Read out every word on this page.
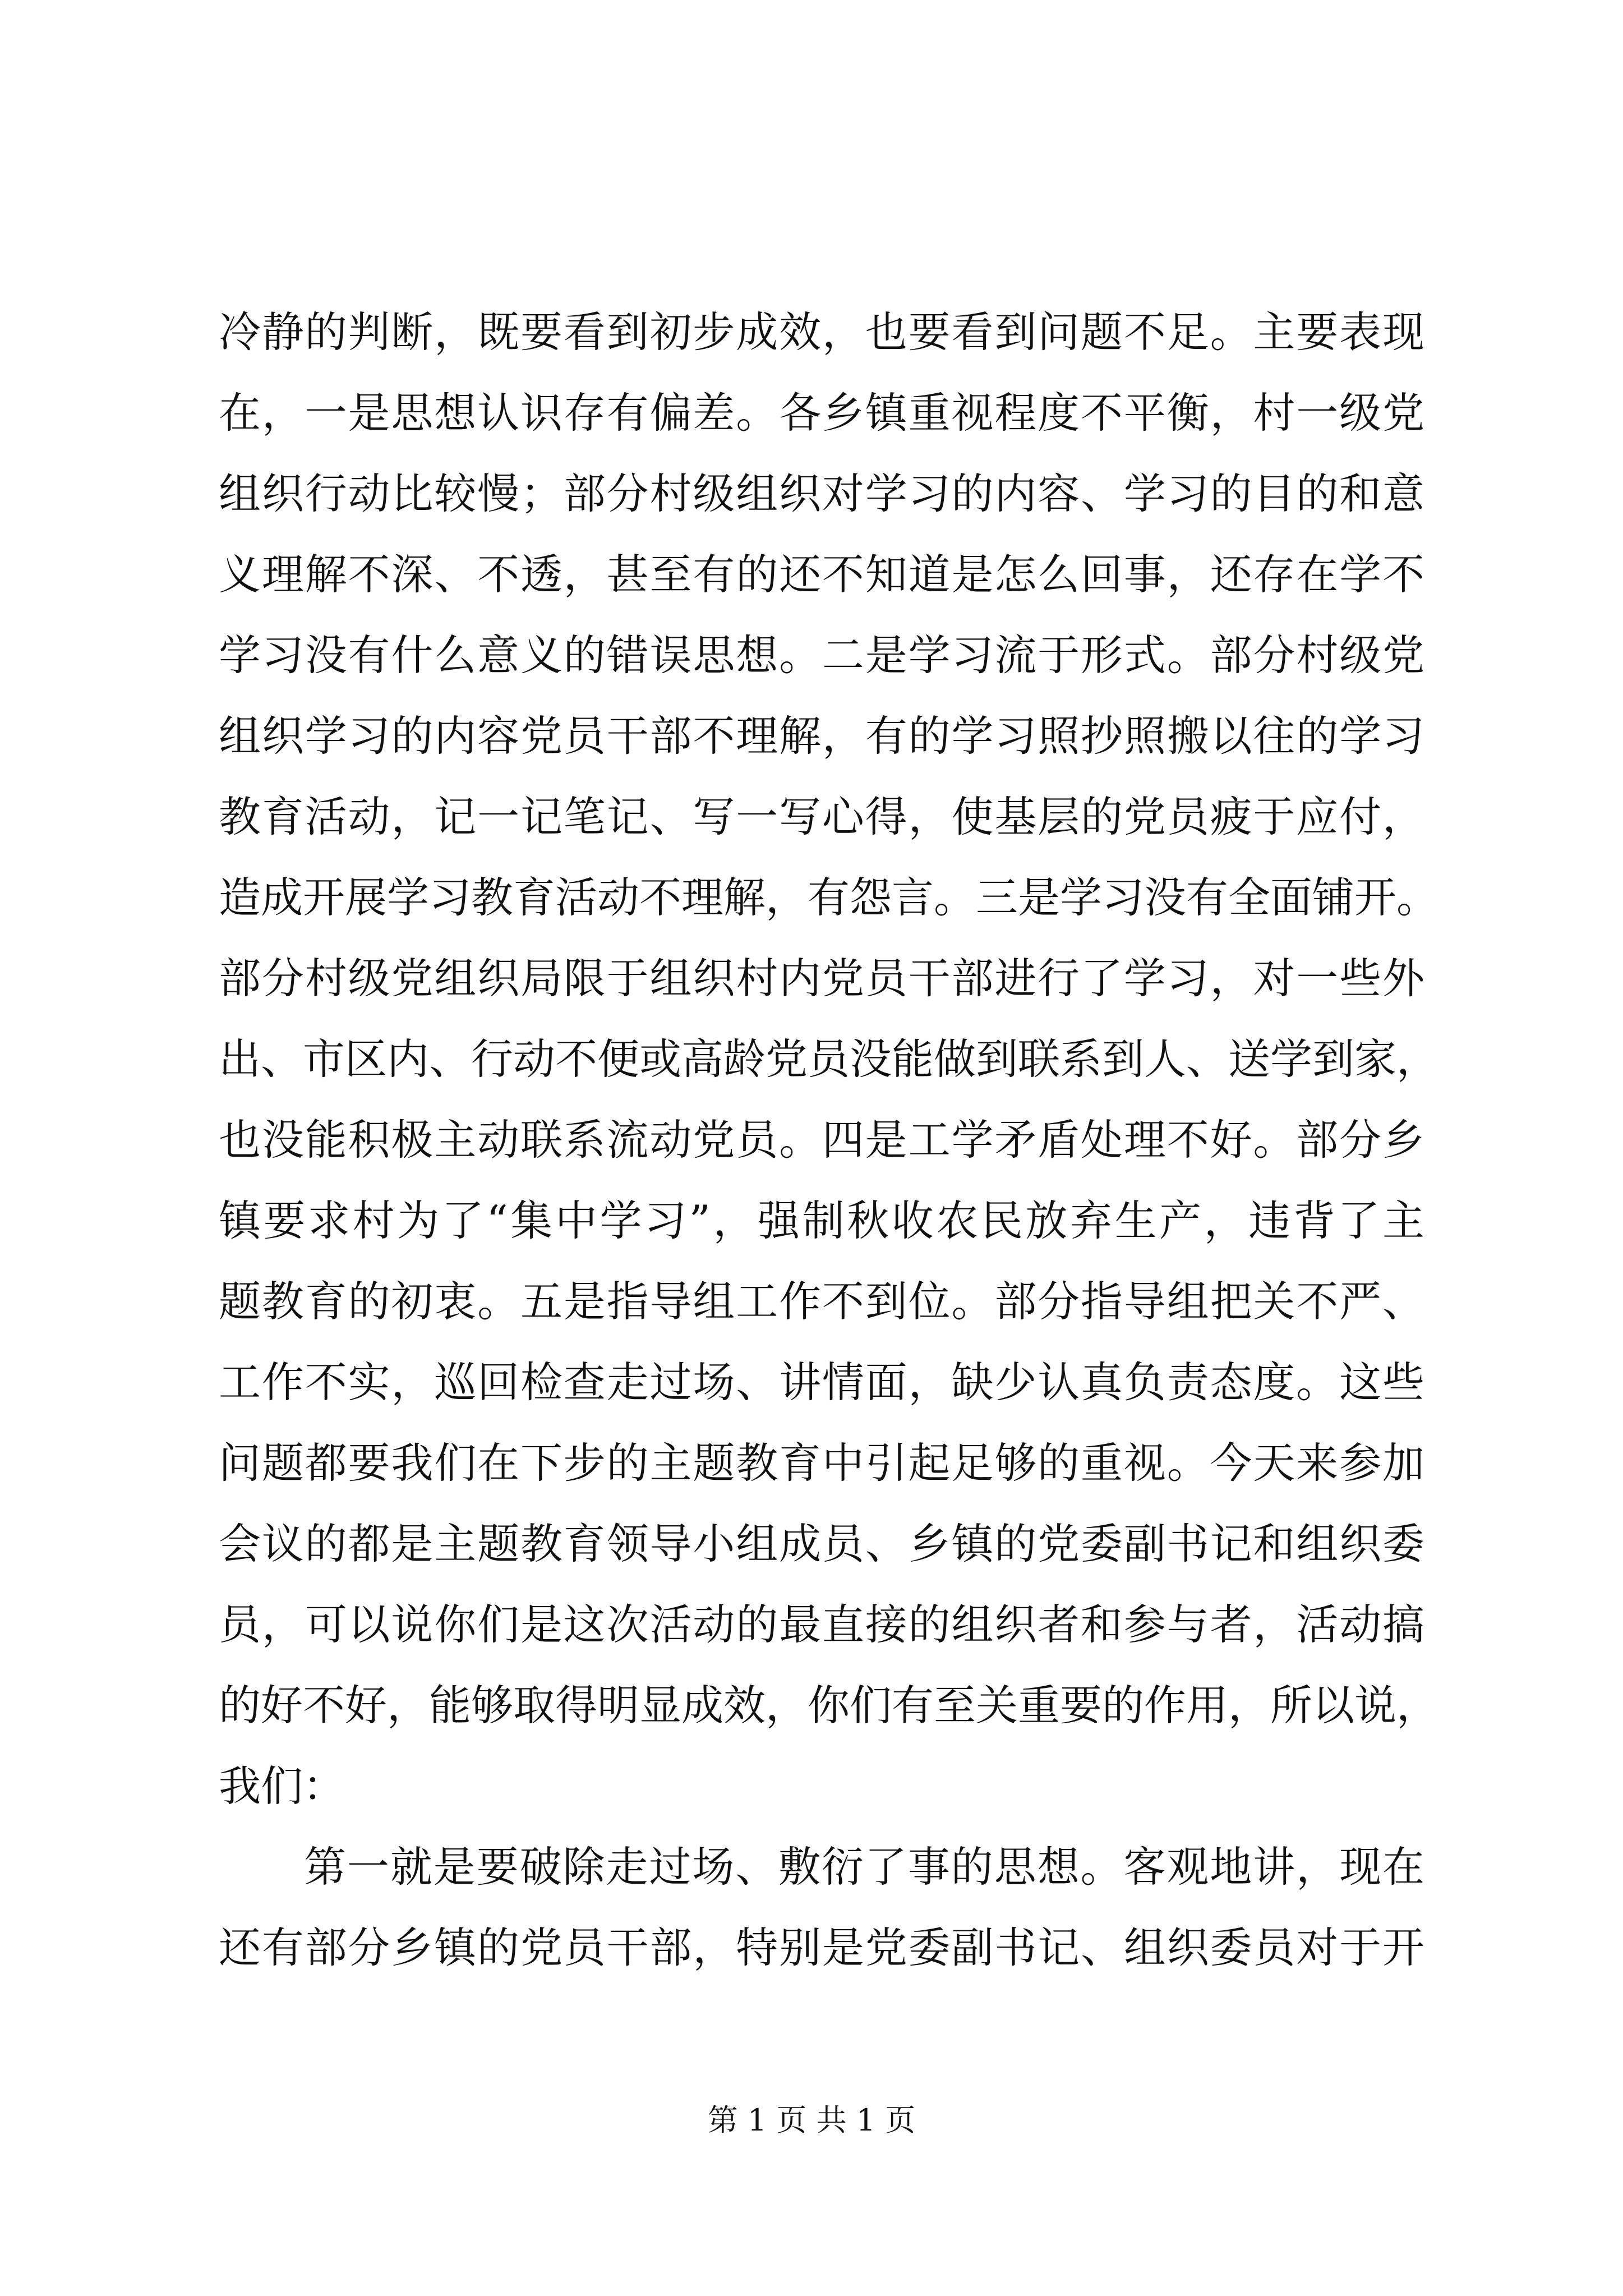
冷静的判断，既要看到初步成效，也要看到问题不足。主要表现
在，一是思想认识存有偏差。各乡镇重视程度不平衡，村一级党
组织行动比较慢；部分村级组织对学习的内容、学习的目的和意
义理解不深、不透，甚至有的还不知道是怎么回事，还存在学不
学习没有什么意义的错误思想。二是学习流于形式。部分村级党
组织学习的内容党员干部不理解，有的学习照抄照搬以往的学习
教育活动，记一记笔记、写一写心得，使基层的党员疲于应付，
造成开展学习教育活动不理解，有怨言。三是学习没有全面铺开。
部分村级党组织局限于组织村内党员干部进行了学习，对一些外
出、市区内、行动不便或高龄党员没能做到联系到人、送学到家，
也没能积极主动联系流动党员。四是工学矛盾处理不好。部分乡
镇要求村为了“集中学习”，强制秋收农民放弃生产，违背了主
题教育的初衷。五是指导组工作不到位。部分指导组把关不严、
工作不实，巡回检查走过场、讲情面，缺少认真负责态度。这些
问题都要我们在下步的主题教育中引起足够的重视。今天来参加
会议的都是主题教育领导小组成员、乡镇的党委副书记和组织委
员，可以说你们是这次活动的最直接的组织者和参与者，活动搞
的好不好，能够取得明显成效，你们有至关重要的作用，所以说，
我们：
第一就是要破除走过场、敷衍了事的思想。客观地讲，现在
还有部分乡镇的党员干部，特别是党委副书记、组织委员对于开
第 1 页 共 1 页
